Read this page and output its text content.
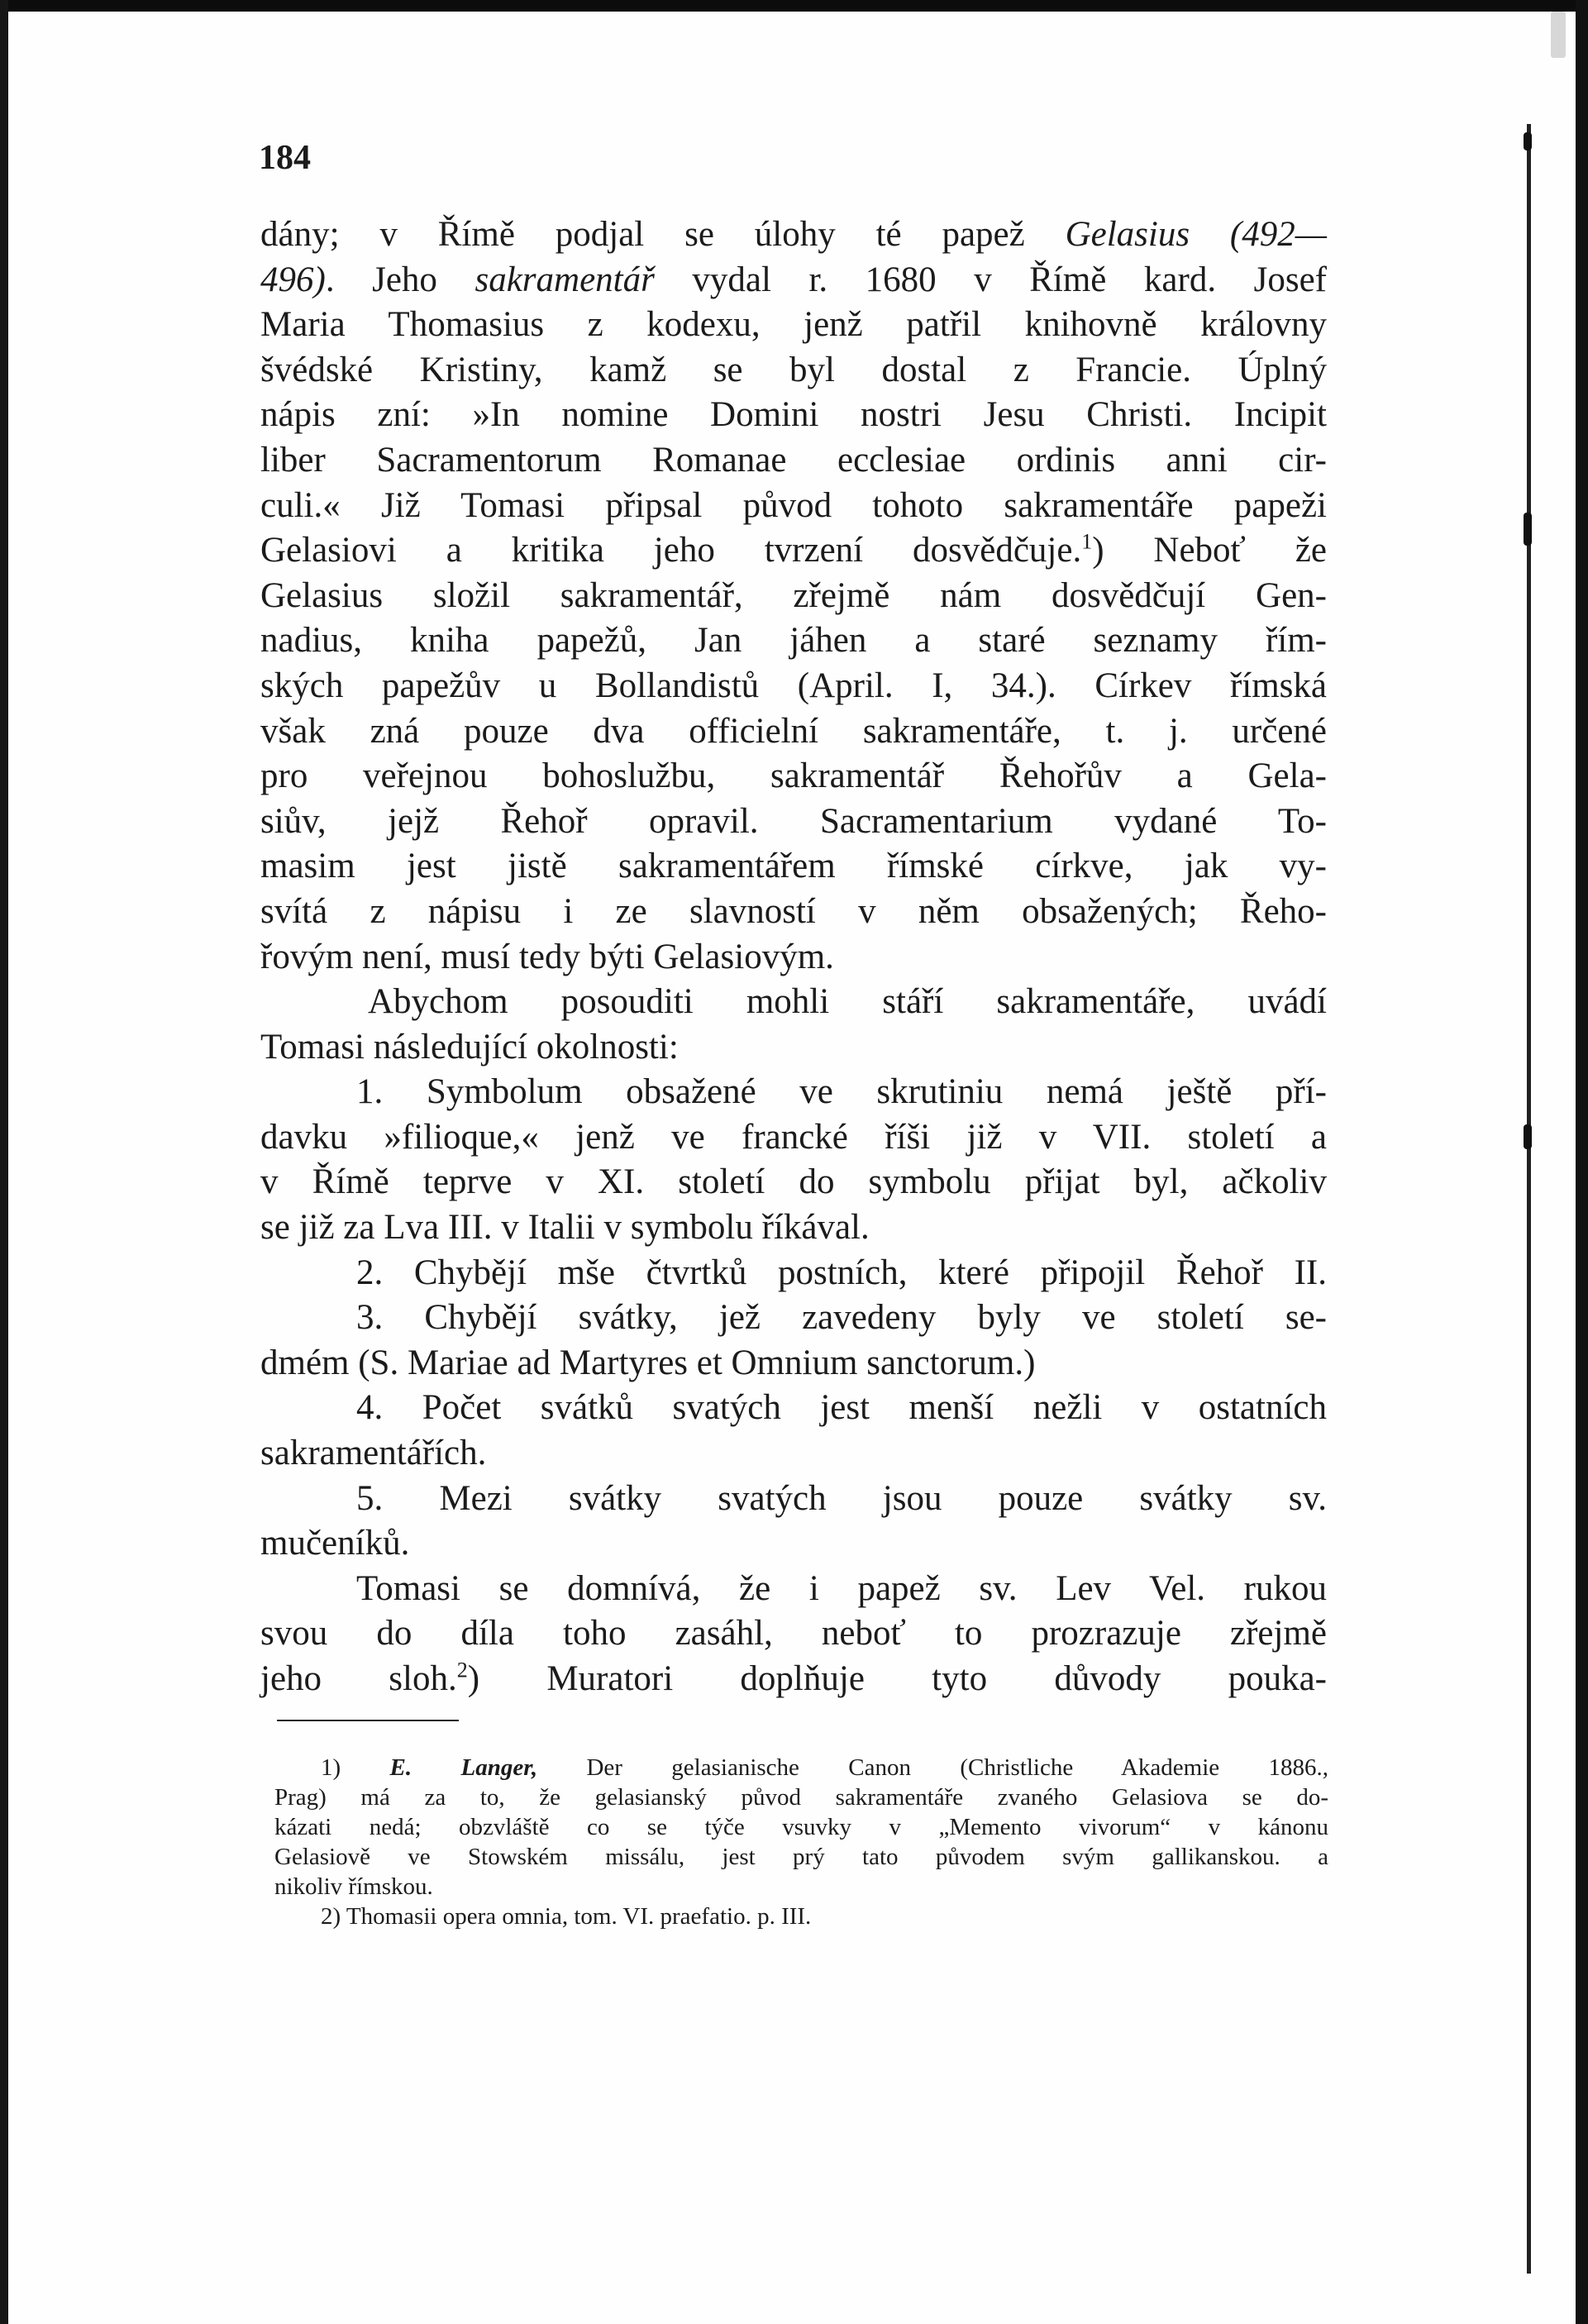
184
dány; v Římě podjal se úlohy té papež Gelasius (492—
496). Jeho sakramentář vydal r. 1680 v Římě kard. Josef
Maria Thomasius z kodexu, jenž patřil knihovně královny
švédské Kristiny, kamž se byl dostal z Francie. Úplný
nápis zní: »In nomine Domini nostri Jesu Christi. Incipit
liber Sacramentorum Romanae ecclesiae ordinis anni cir-
culi.« Již Tomasi připsal původ tohoto sakramentáře papeži
Gelasiovi a kritika jeho tvrzení dosvědčuje.$^1$) Neboť že
Gelasius složil sakramentář, zřejmě nám dosvědčují Gen-
nadius, kniha papežů, Jan jáhen a staré seznamy řím-
ských papežův u Bollandistů (April. I, 34.). Církev římská
však zná pouze dva officielní sakramentáře, t. j. určené
pro veřejnou bohoslužbu, sakramentář Řehořův a Gela-
siův, jejž Řehoř opravil. Sacramentarium vydané To-
masim jest jistě sakramentářem římské církve, jak vy-
svítá z nápisu i ze slavností v něm obsažených; Řeho-
řovým není, musí tedy býti Gelasiovým.
Abychom posouditi mohli stáří sakramentáře, uvádí
Tomasi následující okolnosti:
1. Symbolum obsažené ve skrutiniu nemá ještě pří-
davku »filioque,« jenž ve francké říši již v VII. století a
v Římě teprve v XI. století do symbolu přijat byl, ačkoliv
se již za Lva III. v Italii v symbolu říkával.
2. Chybějí mše čtvrtků postních, které připojil Řehoř II.
3. Chybějí svátky, jež zavedeny byly ve století se-
dmém (S. Mariae ad Martyres et Omnium sanctorum.)
4. Počet svátků svatých jest menší nežli v ostatních
sakramentářích.
5. Mezi svátky svatých jsou pouze svátky sv.
mučeníků.
Tomasi se domnívá, že i papež sv. Lev Vel. rukou
svou do díla toho zasáhl, neboť to prozrazuje zřejmě
jeho sloh.$^2$) Muratori doplňuje tyto důvody pouka-
1) E. Langer, Der gelasianische Canon (Christliche Akademie 1886.,
Prag) má za to, že gelasianský původ sakramentáře zvaného Gelasiova se do-
kázati nedá; obzvláště co se týče vsuvky v „Memento vivorum“ v kánonu
Gelasiově ve Stowském missálu, jest prý tato původem svým gallikanskou. a
nikoliv římskou.
2) Thomasii opera omnia, tom. VI. praefatio. p. III.
